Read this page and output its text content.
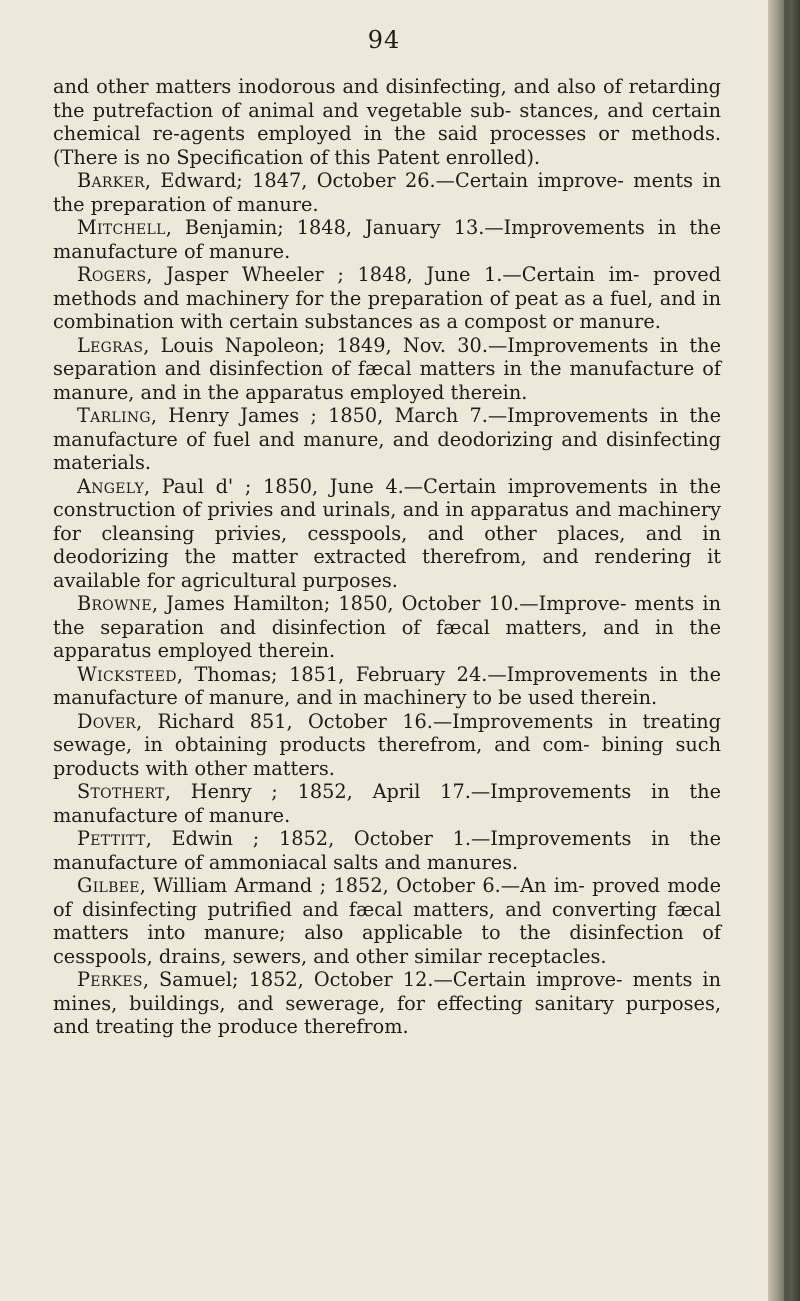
94

and other matters inodorous and disinfecting, and also of retarding the putrefaction of animal and vegetable sub- stances, and certain chemical re-agents employed in the said processes or methods. (There is no Specification of this Patent enrolled).

Barker, Edward; 1847, October 26.—Certain improve- ments in the preparation of manure.

Mitchell, Benjamin; 1848, January 13.—Improvements in the manufacture of manure.

Rogers, Jasper Wheeler ; 1848, June 1.—Certain im- proved methods and machinery for the preparation of peat as a fuel, and in combination with certain substances as a compost or manure.

Legras, Louis Napoleon; 1849, Nov. 30.—Improvements in the separation and disinfection of fæcal matters in the manufacture of manure, and in the apparatus employed therein.

Tarling, Henry James ; 1850, March 7.—Improvements in the manufacture of fuel and manure, and deodorizing and disinfecting materials.

Angely, Paul d' ; 1850, June 4.—Certain improvements in the construction of privies and urinals, and in apparatus and machinery for cleansing privies, cesspools, and other places, and in deodorizing the matter extracted therefrom, and rendering it available for agricultural purposes.

Browne, James Hamilton; 1850, October 10.—Improve- ments in the separation and disinfection of fæcal matters, and in the apparatus employed therein.

Wicksteed, Thomas; 1851, February 24.—Improvements in the manufacture of manure, and in machinery to be used therein.

Dover, Richard 851, October 16.—Improvements in treating sewage, in obtaining products therefrom, and com- bining such products with other matters.

Stothert, Henry ; 1852, April 17.—Improvements in the manufacture of manure.

Pettitt, Edwin ; 1852, October 1.—Improvements in the manufacture of ammoniacal salts and manures.

Gilbee, William Armand ; 1852, October 6.—An im- proved mode of disinfecting putrified and fæcal matters, and converting fæcal matters into manure; also applicable to the disinfection of cesspools, drains, sewers, and other similar receptacles.

Perkes, Samuel; 1852, October 12.—Certain improve- ments in mines, buildings, and sewerage, for effecting sanitary purposes, and treating the produce therefrom.
